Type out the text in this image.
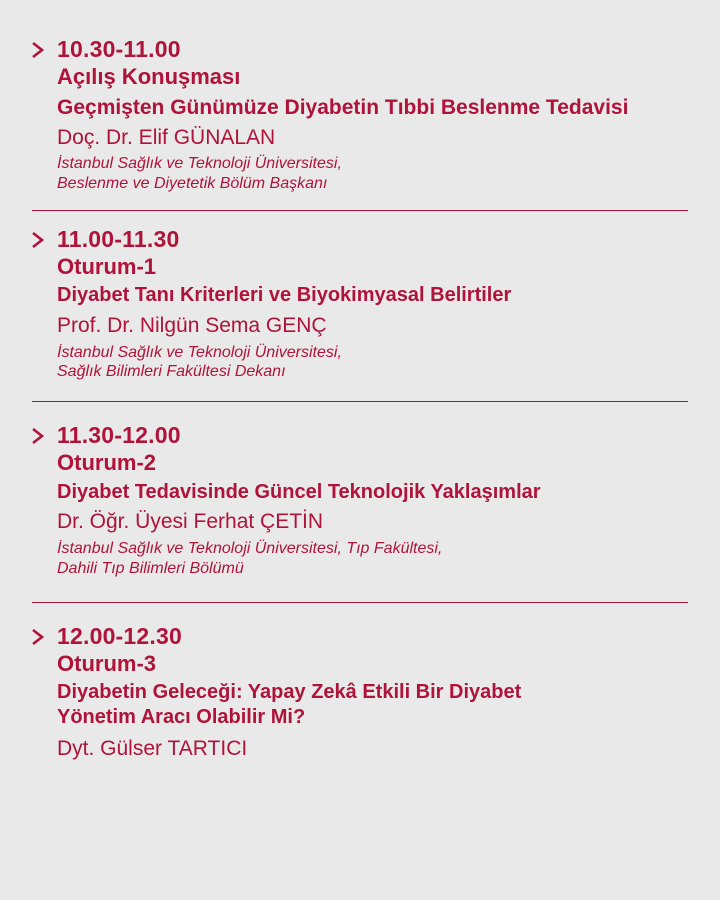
10.30-11.00
Açılış Konuşması
Geçmişten Günümüze Diyabetin Tıbbi Beslenme Tedavisi
Doç. Dr. Elif GÜNALAN
İstanbul Sağlık ve Teknoloji Üniversitesi,
Beslenme ve Diyetetik Bölüm Başkanı
11.00-11.30
Oturum-1
Diyabet Tanı Kriterleri ve Biyokimyasal Belirtiler
Prof. Dr. Nilgün Sema GENÇ
İstanbul Sağlık ve Teknoloji Üniversitesi,
Sağlık Bilimleri Fakültesi Dekanı
11.30-12.00
Oturum-2
Diyabet Tedavisinde Güncel Teknolojik Yaklaşımlar
Dr. Öğr. Üyesi Ferhat ÇETİN
İstanbul Sağlık ve Teknoloji Üniversitesi, Tıp Fakültesi,
Dahili Tıp Bilimleri Bölümü
12.00-12.30
Oturum-3
Diyabetin Geleceği: Yapay Zekâ Etkili Bir Diyabet
Yönetim Aracı Olabilir Mi?
Dyt. Gülser TARTICI
